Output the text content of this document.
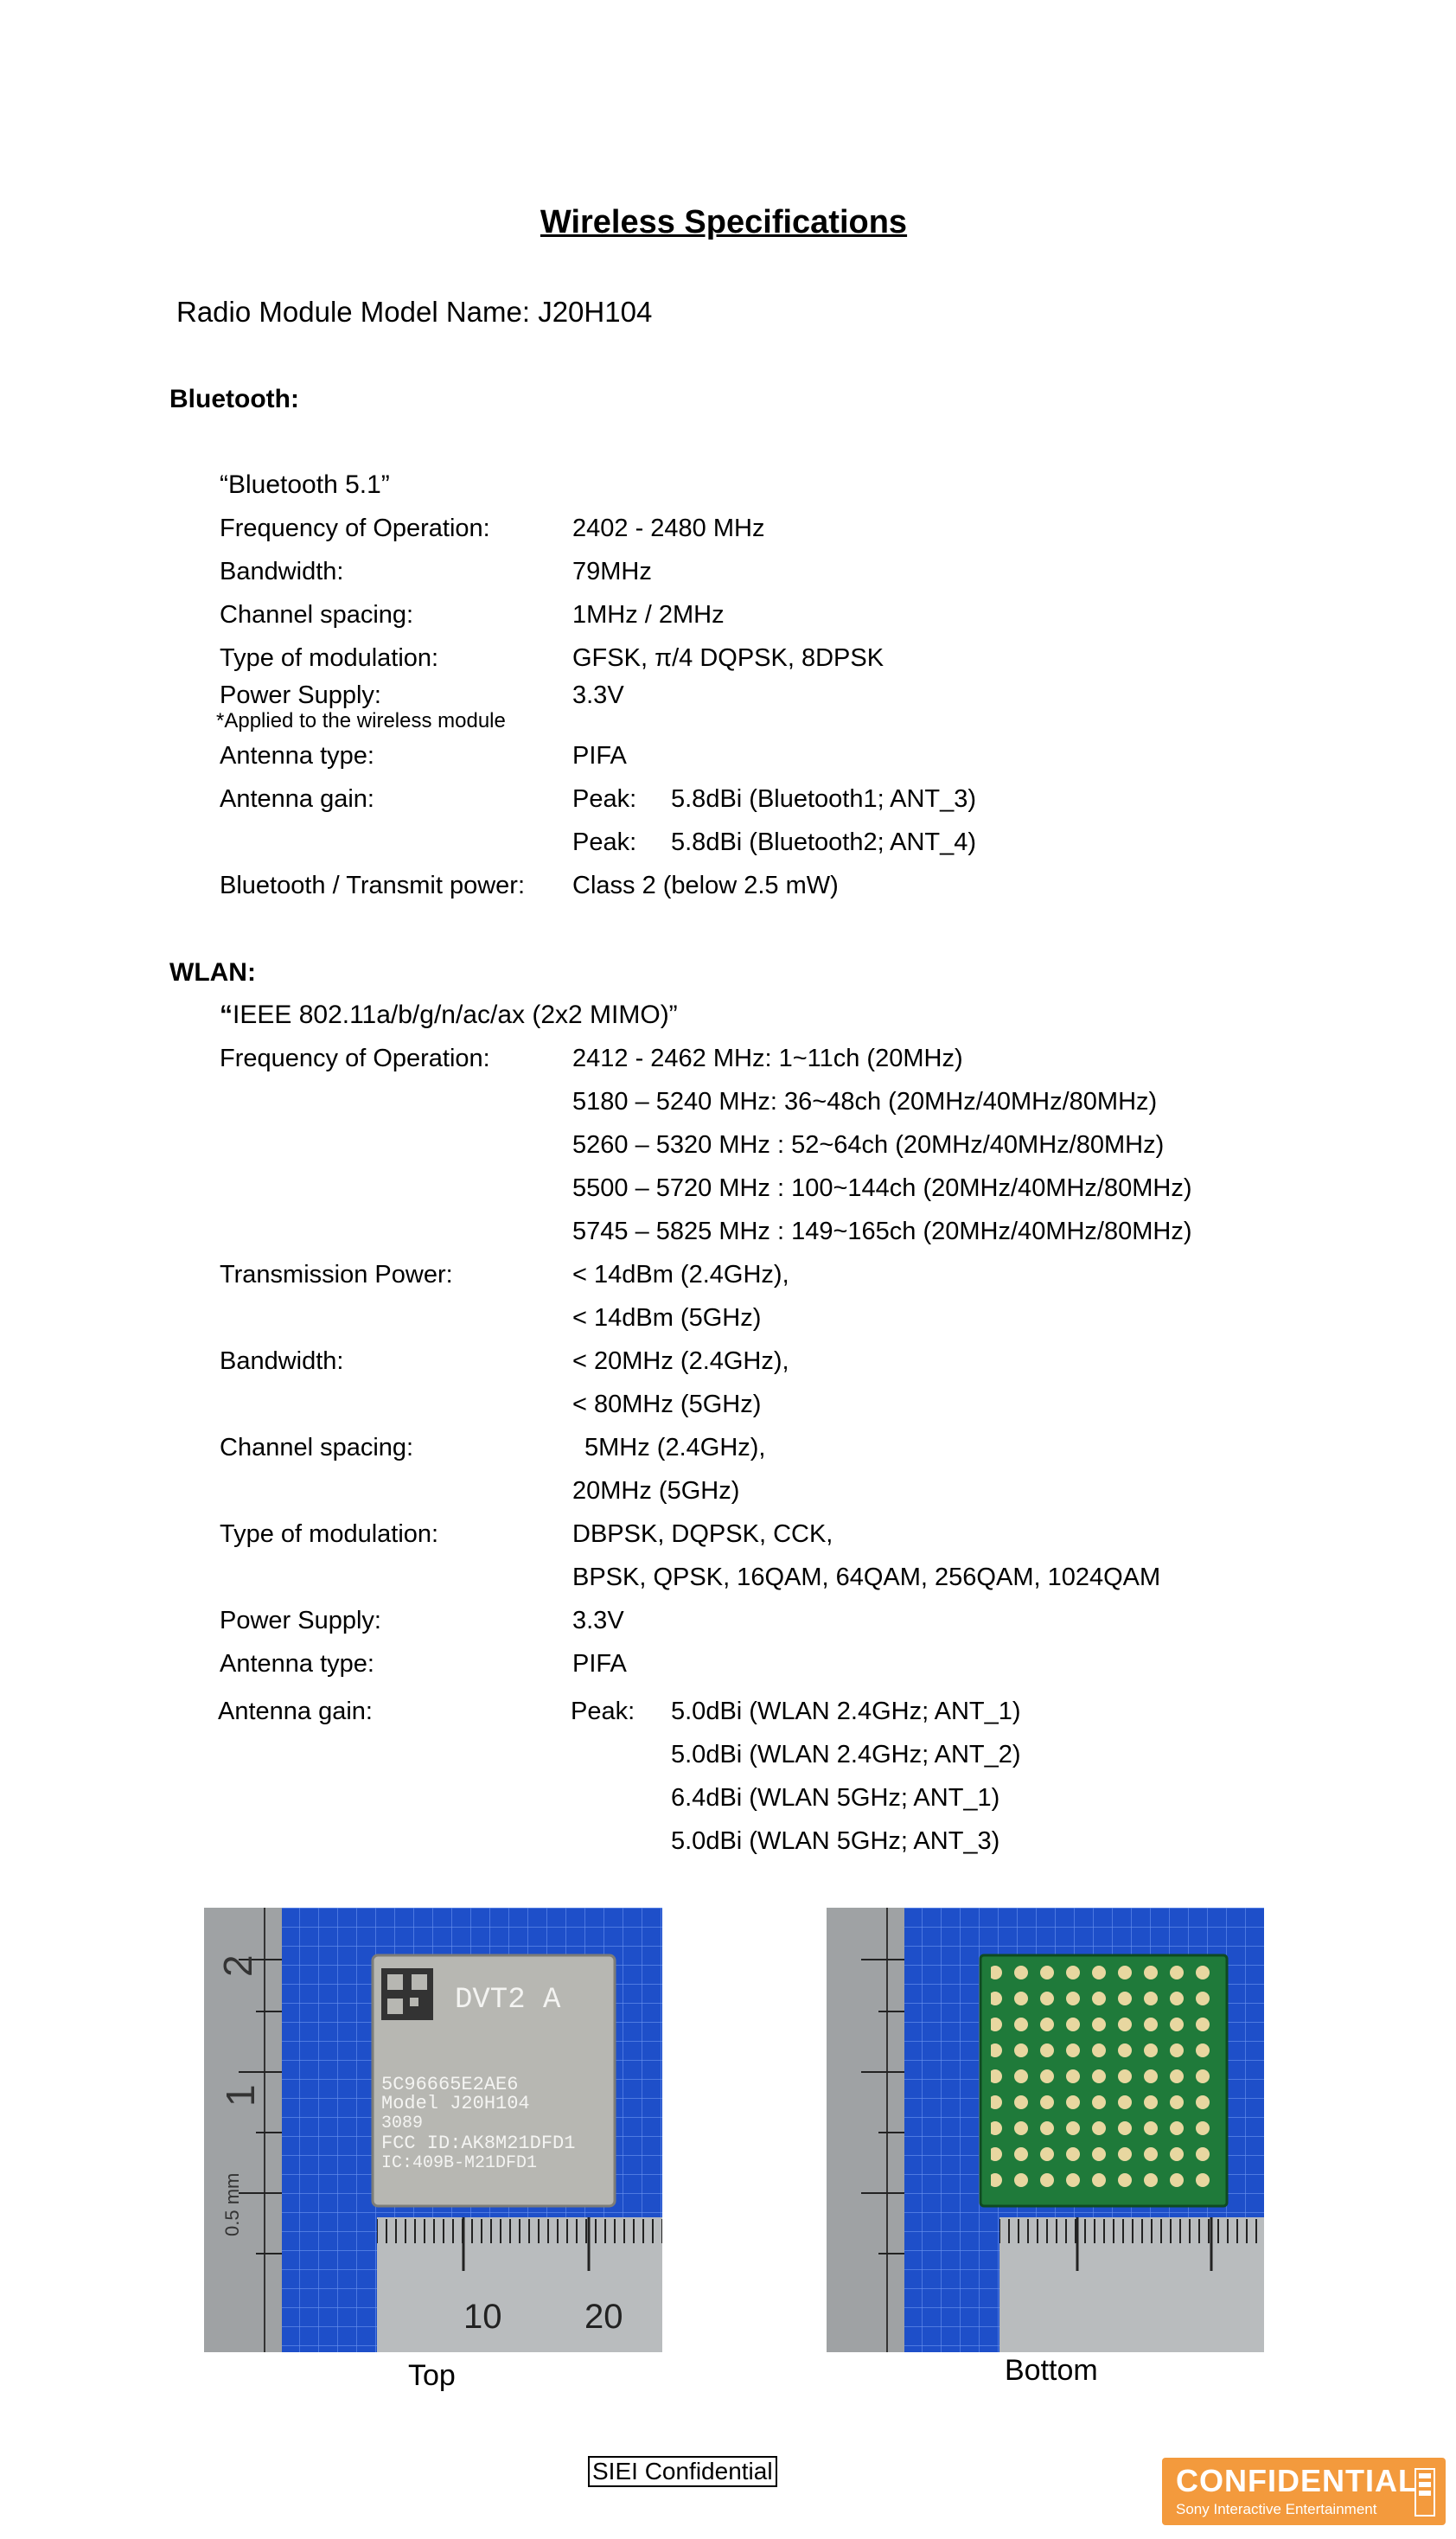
Wireless Specifications
Radio Module Model Name: J20H104
Bluetooth:
“Bluetooth 5.1”
Frequency of Operation:	2402 - 2480 MHz
Bandwidth:	79MHz
Channel spacing:	1MHz / 2MHz
Type of modulation:	GFSK, π/4 DQPSK, 8DPSK
Power Supply:	3.3V
*Applied to the wireless module
Antenna type:	PIFA
Antenna gain:	Peak: 5.8dBi (Bluetooth1; ANT_3)
Peak: 5.8dBi (Bluetooth2; ANT_4)
Bluetooth / Transmit power: Class 2 (below 2.5 mW)
WLAN:
“IEEE 802.11a/b/g/n/ac/ax (2x2 MIMO)”
Frequency of Operation:	2412 - 2462 MHz: 1~11ch (20MHz)
5180 – 5240 MHz: 36~48ch (20MHz/40MHz/80MHz)
5260 – 5320 MHz : 52~64ch (20MHz/40MHz/80MHz)
5500 – 5720 MHz : 100~144ch (20MHz/40MHz/80MHz)
5745 – 5825 MHz : 149~165ch (20MHz/40MHz/80MHz)
Transmission Power:	< 14dBm (2.4GHz),
< 14dBm (5GHz)
Bandwidth:	< 20MHz (2.4GHz),
< 80MHz (5GHz)
Channel spacing:	5MHz (2.4GHz),
20MHz (5GHz)
Type of modulation:	DBPSK, DQPSK, CCK,
BPSK, QPSK, 16QAM, 64QAM, 256QAM, 1024QAM
Power Supply:	3.3V
Antenna type:	PIFA
Antenna gain:	Peak: 5.0dBi (WLAN 2.4GHz; ANT_1)
5.0dBi (WLAN 2.4GHz; ANT_2)
6.4dBi (WLAN 5GHz; ANT_1)
5.0dBi (WLAN 5GHz; ANT_3)
2
1
0.5 mm
DVT2 A
5C96665E2AE6
Model J20H104
3089
FCC ID:AK8M21DFD1
IC:409B-M21DFD1
10 20
Top	Bottom
SIEI Confidential	CONFIDENTIAL
Sony Interactive Entertainment
